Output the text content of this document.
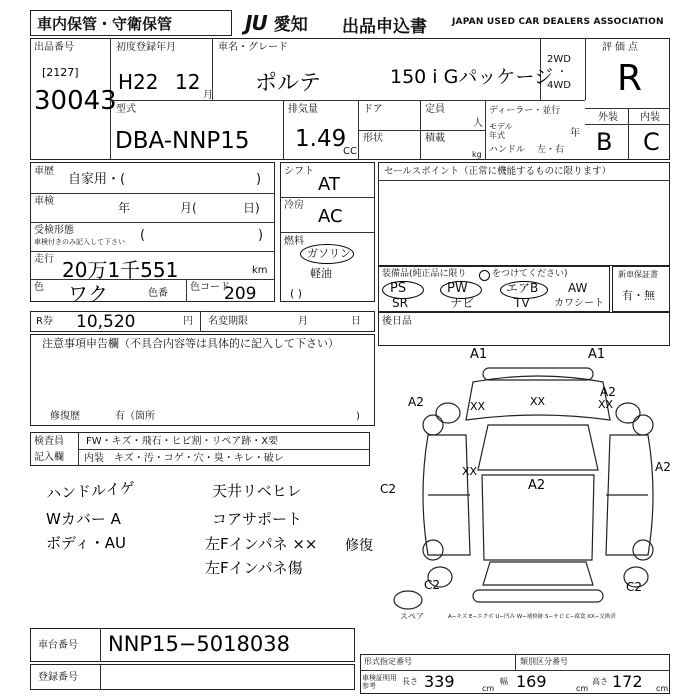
車内保管・守衛保管	JU 愛知 出品申込書	JAPAN USED CAR DEALERS ASSOCIATION
出品番号
[2127]
30043
初度登録年月
H22 12
月
車名・グレード
ポルテ	150 i Gパッケージ
2WD
・
4WD
評価点
R
外装 内装
B C
型式
DBA-NNP15
排気量
1.49
CC
ドア	定員
人
形状	積載
kg
ディーラー・並行
モデル年式	年
ハンドル 左・右
車歴
自家用・(	)
車検	年	月(	日)
受検形態
車検付きのみ記入して下さい (	)
走行 20万1千551	km
色 ワク	色番
色コード
209
シフト
AT
冷房
AC
燃料
ガソリン
軽油
( )
セールスポイント（正常に機能するものに限ります）
装備品(純正品に限り	をつけてください)
PS	PW	エアB AW
SR	ナビ	TV カワシート
新車保証書
有・無
R券 10,520	円 名変期限	月	日 後日品
注意事項申告欄（不具合内容等は具体的に記入して下さい）
修復歴	有（箇所	)
検査員
記入欄
FW・キズ・飛石・ヒビ割・リペア跡・X要
内装 キズ・汚・コゲ・穴・臭・キレ・破レ
ハンドルイゲ
Wカバー A
ボディ・AU
天井リベヒレ
コアサポート
左Fインパネ ××
左Fインパネ傷
修復
A1	A1
A2	XX	XX	XX
A2
C2
XX
A2
A2
C2	C2
スペア	A−キズ E−エクボ U−凹み W−補修跡 S−サビ C−腐食 XX−交換済
車台番号 NNP15−5018038
登録番号
形式指定番号	類別区分番号
車検証明用参考	長さ 339	cm
幅 169	cm
高さ 172 cm
